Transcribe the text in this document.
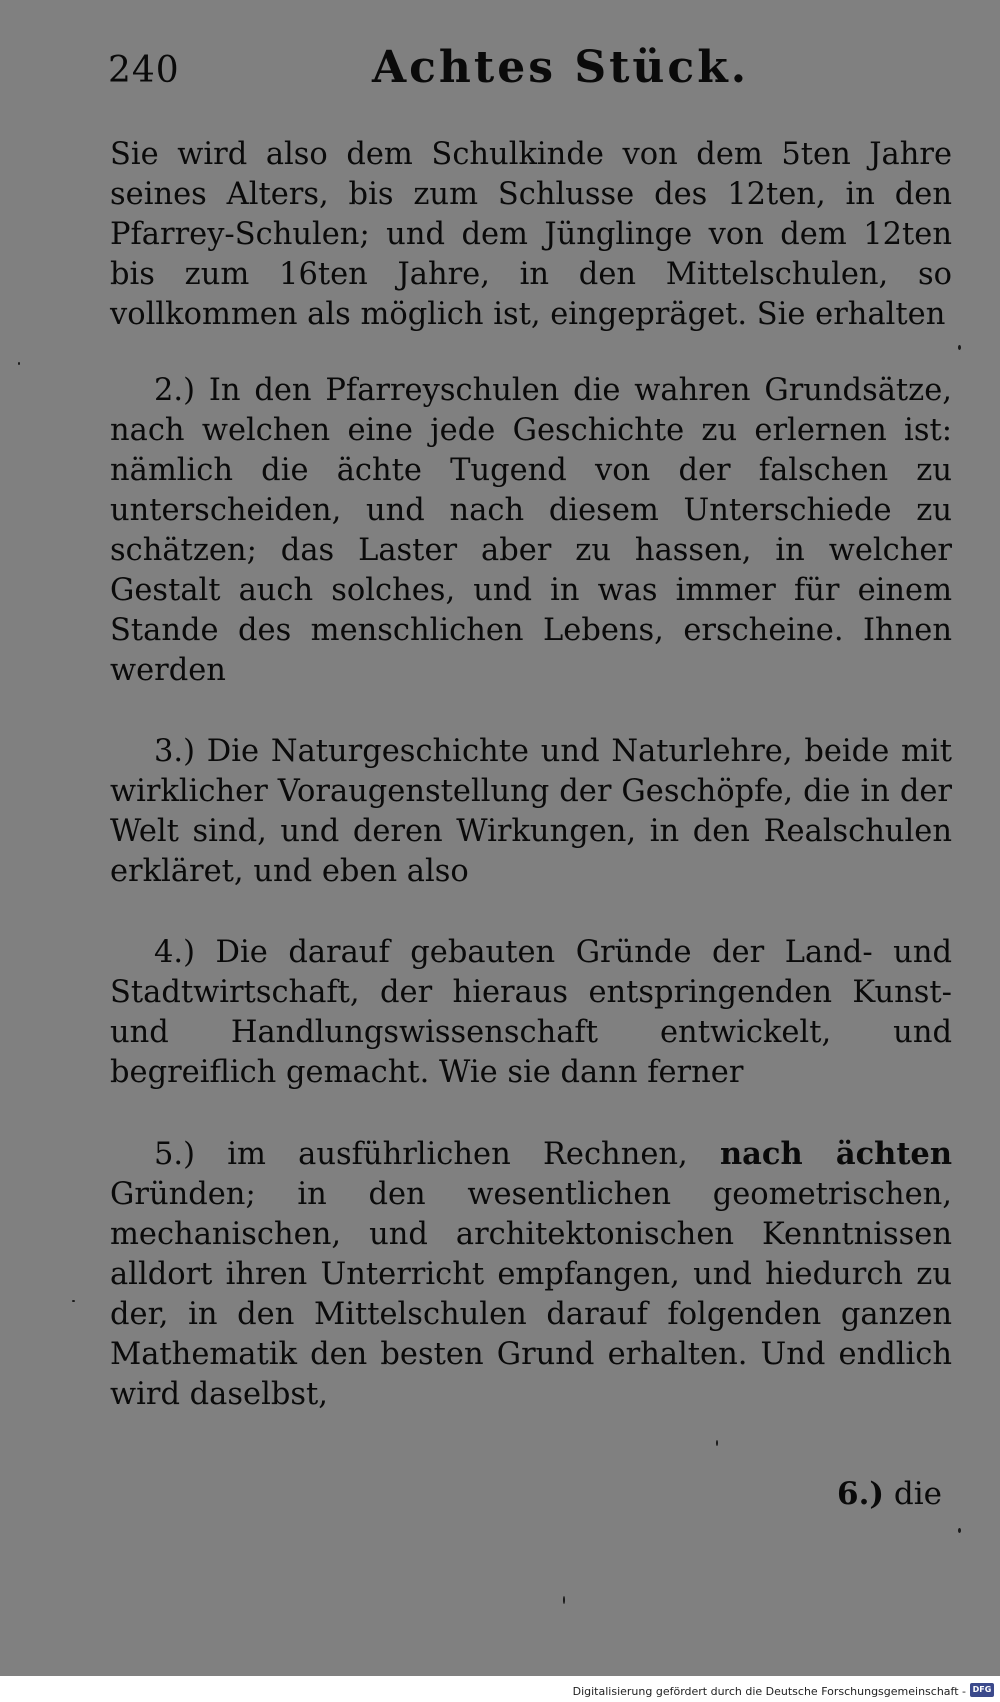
240	Achtes Stück.

Sie wird also dem Schulkinde von dem 5ten Jahre seines Alters, bis zum Schlusse des 12ten, in den Pfarrey-Schulen; und dem Jünglinge von dem 12ten bis zum 16ten Jahre, in den Mittelschulen, so vollkommen als möglich ist, eingepräget. Sie erhalten

2.) In den Pfarreyschulen die wahren Grundsätze, nach welchen eine jede Geschichte zu erlernen ist: nämlich die ächte Tugend von der falschen zu unterscheiden, und nach diesem Unterschiede zu schätzen; das Laster aber zu hassen, in welcher Gestalt auch solches, und in was immer für einem Stande des menschlichen Lebens, erscheine. Ihnen werden

3.) Die Naturgeschichte und Naturlehre, beide mit wirklicher Voraugenstellung der Geschöpfe, die in der Welt sind, und deren Wirkungen, in den Realschulen erkläret, und eben also

4.) Die darauf gebauten Gründe der Land- und Stadtwirtschaft, der hieraus entspringenden Kunst- und Handlungswissenschaft entwickelt, und begreiflich gemacht. Wie sie dann ferner

5.) im ausführlichen Rechnen, nach ächten Gründen; in den wesentlichen geometrischen, mechanischen, und architektonischen Kenntnissen alldort ihren Unterricht empfangen, und hiedurch zu der, in den Mittelschulen darauf folgenden ganzen Mathematik den besten Grund erhalten. Und endlich wird daselbst,

6.) die
Digitalisierung gefördert durch die Deutsche Forschungsgemeinschaft - DFG
